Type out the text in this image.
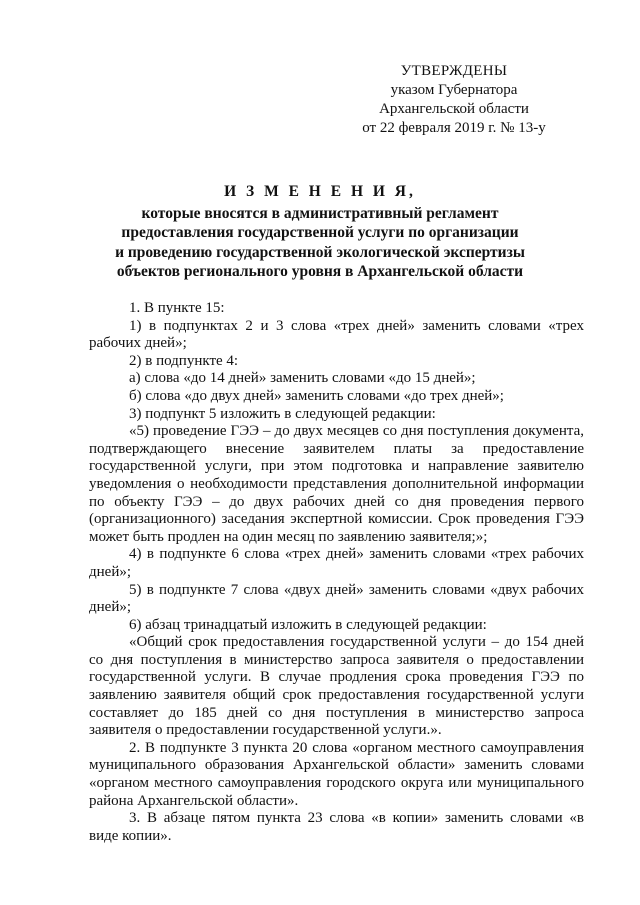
УТВЕРЖДЕНЫ
указом Губернатора
Архангельской области
от 22 февраля 2019 г. № 13-у
И З М Е Н Е Н И Я,
которые вносятся в административный регламент
предоставления государственной услуги по организации
и проведению государственной экологической экспертизы
объектов регионального уровня в Архангельской области

1. В пункте 15:

1) в подпунктах 2 и 3 слова «трех дней» заменить словами «трех рабочих дней»;

2) в подпункте 4:

а) слова «до 14 дней» заменить словами «до 15 дней»;

б) слова «до двух дней» заменить словами «до трех дней»;

3) подпункт 5 изложить в следующей редакции:

«5) проведение ГЭЭ – до двух месяцев со дня поступления документа, подтверждающего внесение заявителем платы за предоставление государственной услуги, при этом подготовка и направление заявителю уведомления о необходимости представления дополнительной информации по объекту ГЭЭ – до двух рабочих дней со дня проведения первого (организационного) заседания экспертной комиссии. Срок проведения ГЭЭ может быть продлен на один месяц по заявлению заявителя;»;

4) в подпункте 6 слова «трех дней» заменить словами «трех рабочих дней»;

5) в подпункте 7 слова «двух дней» заменить словами «двух рабочих дней»;

6) абзац тринадцатый изложить в следующей редакции:

«Общий срок предоставления государственной услуги – до 154 дней со дня поступления в министерство запроса заявителя о предоставлении государственной услуги. В случае продления срока проведения ГЭЭ по заявлению заявителя общий срок предоставления государственной услуги составляет до 185 дней со дня поступления в министерство запроса заявителя о предоставлении государственной услуги.».

2. В подпункте 3 пункта 20 слова «органом местного самоуправления муниципального образования Архангельской области» заменить словами «органом местного самоуправления городского округа или муниципального района Архангельской области».

3. В абзаце пятом пункта 23 слова «в копии» заменить словами «в виде копии».
